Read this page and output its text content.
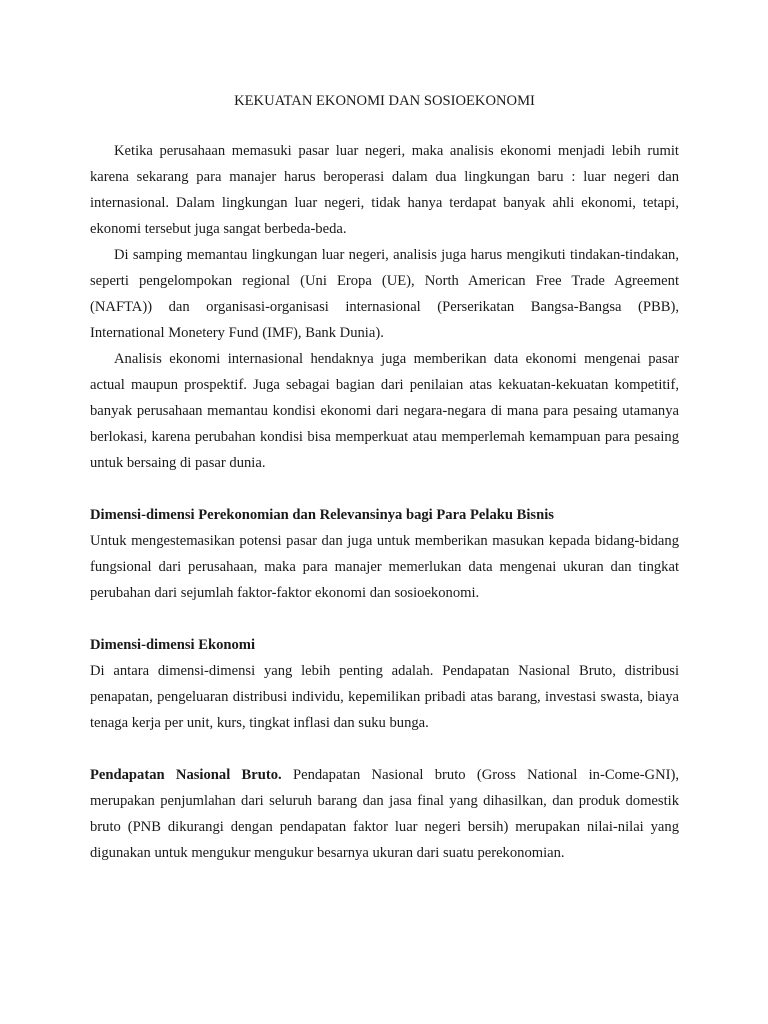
KEKUATAN EKONOMI DAN SOSIOEKONOMI

Ketika perusahaan memasuki pasar luar negeri, maka analisis ekonomi menjadi lebih rumit karena sekarang para manajer harus beroperasi dalam dua lingkungan baru : luar negeri dan internasional. Dalam lingkungan luar negeri, tidak hanya terdapat banyak ahli ekonomi, tetapi, ekonomi tersebut juga sangat berbeda-beda.

Di samping memantau lingkungan luar negeri, analisis juga harus mengikuti tindakan-tindakan, seperti pengelompokan regional (Uni Eropa (UE), North American Free Trade Agreement (NAFTA)) dan organisasi-organisasi internasional (Perserikatan Bangsa-Bangsa (PBB), International Monetery Fund (IMF), Bank Dunia).

Analisis ekonomi internasional hendaknya juga memberikan data ekonomi mengenai pasar actual maupun prospektif. Juga sebagai bagian dari penilaian atas kekuatan-kekuatan kompetitif, banyak perusahaan memantau kondisi ekonomi dari negara-negara di mana para pesaing utamanya berlokasi, karena perubahan kondisi bisa memperkuat atau memperlemah kemampuan para pesaing untuk bersaing di pasar dunia.

Dimensi-dimensi Perekonomian dan Relevansinya bagi Para Pelaku Bisnis

Untuk mengestemasikan potensi pasar dan juga untuk memberikan masukan kepada bidang-bidang fungsional dari perusahaan, maka para manajer memerlukan data mengenai ukuran dan tingkat perubahan dari sejumlah faktor-faktor ekonomi dan sosioekonomi.

Dimensi-dimensi Ekonomi

Di antara dimensi-dimensi yang lebih penting adalah. Pendapatan Nasional Bruto, distribusi penapatan, pengeluaran distribusi individu, kepemilikan pribadi atas barang, investasi swasta, biaya tenaga kerja per unit, kurs, tingkat inflasi dan suku bunga.

Pendapatan Nasional Bruto. Pendapatan Nasional bruto (Gross National in-Come-GNI), merupakan penjumlahan dari seluruh barang dan jasa final yang dihasilkan, dan produk domestik bruto (PNB dikurangi dengan pendapatan faktor luar negeri bersih) merupakan nilai-nilai yang digunakan untuk mengukur mengukur besarnya ukuran dari suatu perekonomian.
